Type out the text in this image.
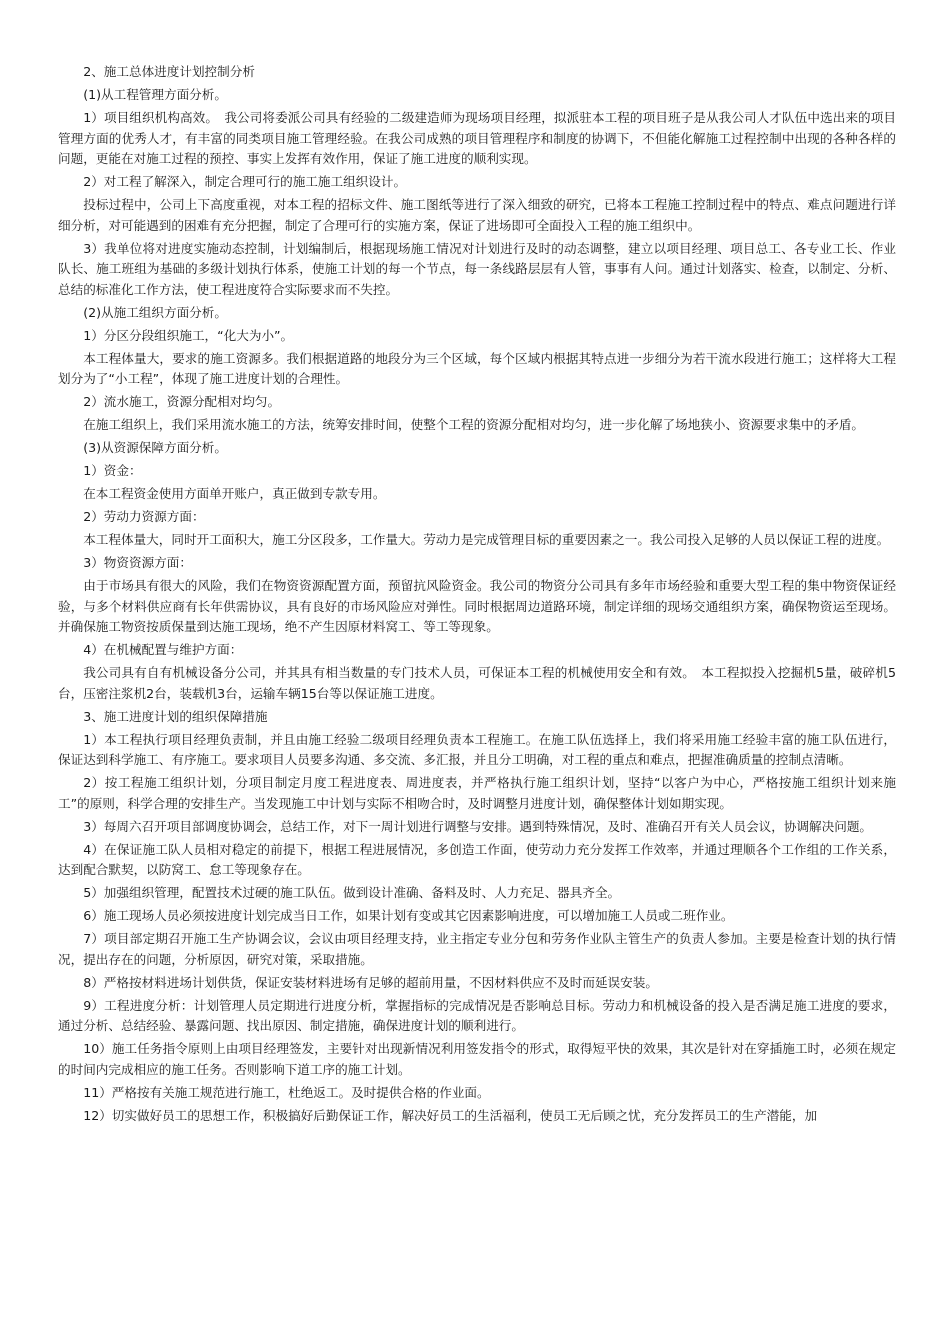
2、施工总体进度计划控制分析

(1)从工程管理方面分析。

1）项目组织机构高效。　我公司将委派公司具有经验的二级建造师为现场项目经理，拟派驻本工程的项目班子是从我公司人才队伍中选出来的项目管理方面的优秀人才，有丰富的同类项目施工管理经验。在我公司成熟的项目管理程序和制度的协调下，不但能化解施工过程控制中出现的各种各样的问题，更能在对施工过程的预控、事实上发挥有效作用，保证了施工进度的顺利实现。

2）对工程了解深入，制定合理可行的施工施工组织设计。

投标过程中，公司上下高度重视，对本工程的招标文件、施工图纸等进行了深入细致的研究，已将本工程施工控制过程中的特点、难点问题进行详细分析，对可能遇到的困难有充分把握，制定了合理可行的实施方案，保证了进场即可全面投入工程的施工组织中。

3）我单位将对进度实施动态控制，计划编制后，根据现场施工情况对计划进行及时的动态调整，建立以项目经理、项目总工、各专业工长、作业队长、施工班组为基础的多级计划执行体系，使施工计划的每一个节点，每一条线路层层有人管，事事有人问。通过计划落实、检查，以制定、分析、总结的标准化工作方法，使工程进度符合实际要求而不失控。

(2)从施工组织方面分析。

1）分区分段组织施工，“化大为小”。

本工程体量大，要求的施工资源多。我们根据道路的地段分为三个区域，每个区域内根据其特点进一步细分为若干流水段进行施工；这样将大工程划分为了“小工程”，体现了施工进度计划的合理性。

2）流水施工，资源分配相对均匀。

在施工组织上，我们采用流水施工的方法，统筹安排时间，使整个工程的资源分配相对均匀，进一步化解了场地狭小、资源要求集中的矛盾。

(3)从资源保障方面分析。

1）资金：

在本工程资金使用方面单开账户，真正做到专款专用。

2）劳动力资源方面：

本工程体量大，同时开工面积大，施工分区段多，工作量大。劳动力是完成管理目标的重要因素之一。我公司投入足够的人员以保证工程的进度。

3）物资资源方面：

由于市场具有很大的风险，我们在物资资源配置方面，预留抗风险资金。我公司的物资分公司具有多年市场经验和重要大型工程的集中物资保证经验，与多个材料供应商有长年供需协议，具有良好的市场风险应对弹性。同时根据周边道路环境，制定详细的现场交通组织方案，确保物资运至现场。并确保施工物资按质保量到达施工现场，绝不产生因原材料窝工、等工等现象。

4）在机械配置与维护方面：

我公司具有自有机械设备分公司，并其具有相当数量的专门技术人员，可保证本工程的机械使用安全和有效。　本工程拟投入挖掘机5量，破碎机5台，压密注浆机2台，装载机3台，运输车辆15台等以保证施工进度。

3、施工进度计划的组织保障措施

1）本工程执行项目经理负责制，并且由施工经验二级项目经理负责本工程施工。在施工队伍选择上，我们将采用施工经验丰富的施工队伍进行，保证达到科学施工、有序施工。要求项目人员要多沟通、多交流、多汇报，并且分工明确，对工程的重点和难点，把握准确质量的控制点清晰。

2）按工程施工组织计划，分项目制定月度工程进度表、周进度表，并严格执行施工组织计划，坚持“以客户为中心，严格按施工组织计划来施工”的原则，科学合理的安排生产。当发现施工中计划与实际不相吻合时，及时调整月进度计划，确保整体计划如期实现。

3）每周六召开项目部调度协调会，总结工作，对下一周计划进行调整与安排。遇到特殊情况，及时、准确召开有关人员会议，协调解决问题。

4）在保证施工队人员相对稳定的前提下，根据工程进展情况，多创造工作面，使劳动力充分发挥工作效率，并通过理顺各个工作组的工作关系，达到配合默契，以防窝工、怠工等现象存在。

5）加强组织管理，配置技术过硬的施工队伍。做到设计准确、备料及时、人力充足、器具齐全。

6）施工现场人员必须按进度计划完成当日工作，如果计划有变或其它因素影响进度，可以增加施工人员或二班作业。

7）项目部定期召开施工生产协调会议，会议由项目经理支持，业主指定专业分包和劳务作业队主管生产的负责人参加。主要是检查计划的执行情况，提出存在的问题，分析原因，研究对策，采取措施。

8）严格按材料进场计划供货，保证安装材料进场有足够的超前用量，不因材料供应不及时而延误安装。

9）工程进度分析：计划管理人员定期进行进度分析，掌握指标的完成情况是否影响总目标。劳动力和机械设备的投入是否满足施工进度的要求，通过分析、总结经验、暴露问题、找出原因、制定措施，确保进度计划的顺利进行。

10）施工任务指令原则上由项目经理签发，主要针对出现新情况利用签发指令的形式，取得短平快的效果，其次是针对在穿插施工时，必须在规定的时间内完成相应的施工任务。否则影响下道工序的施工计划。

11）严格按有关施工规范进行施工，杜绝返工。及时提供合格的作业面。

12）切实做好员工的思想工作，积极搞好后勤保证工作，解决好员工的生活福利，使员工无后顾之忧，充分发挥员工的生产潜能，加
